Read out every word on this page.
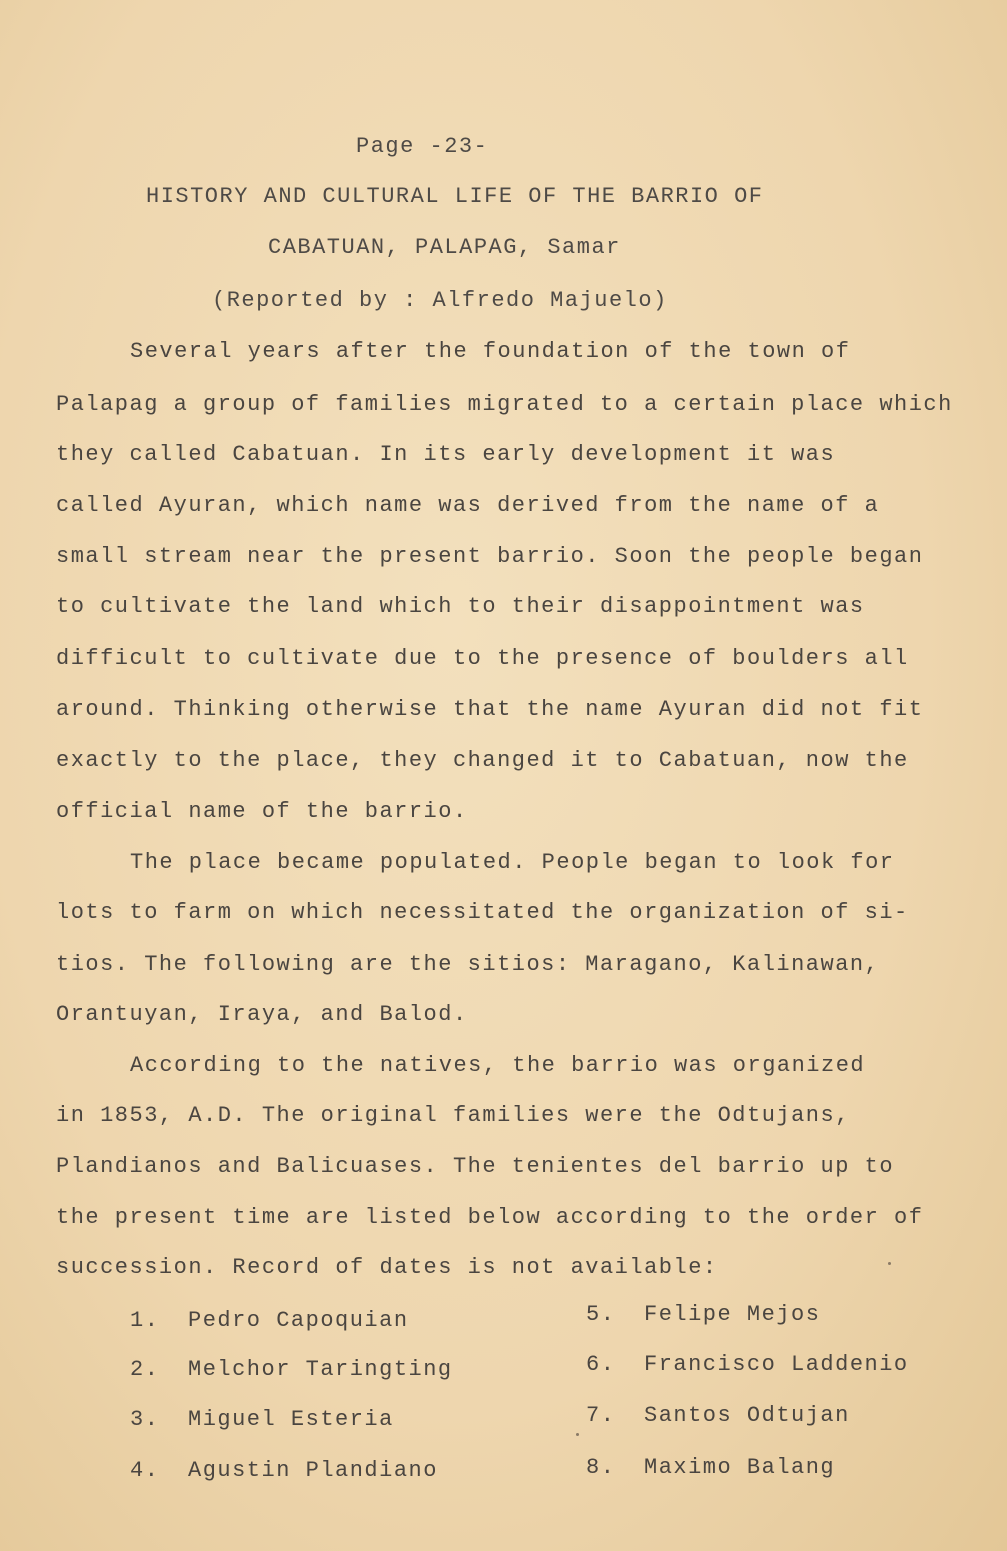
Page -23-

HISTORY AND CULTURAL LIFE OF THE BARRIO OF

CABATUAN, PALAPAG, Samar

(Reported by : Alfredo Majuelo)

Several years after the foundation of the town of

Palapag a group of families migrated to a certain place which

they called Cabatuan. In its early development it was

called Ayuran, which name was derived from the name of a

small stream near the present barrio. Soon the people began

to cultivate the land which to their disappointment was

difficult to cultivate due to the presence of boulders all

around. Thinking otherwise that the name Ayuran did not fit

exactly to the place, they changed it to Cabatuan, now the

official name of the barrio.

The place became populated. People began to look for

lots to farm on which necessitated the organization of si-

tios. The following are the sitios: Maragano, Kalinawan,

Orantuyan, Iraya, and Balod.

According to the natives, the barrio was organized

in 1853, A.D. The original families were the Odtujans,

Plandianos and Balicuases. The tenientes del barrio up to

the present time are listed below according to the order of

succession. Record of dates is not available:

1. Pedro Capoquian

2. Melchor Taringting

3. Miguel Esteria

4. Agustin Plandiano

5. Felipe Mejos

6. Francisco Laddenio

7. Santos Odtujan

8. Maximo Balang
